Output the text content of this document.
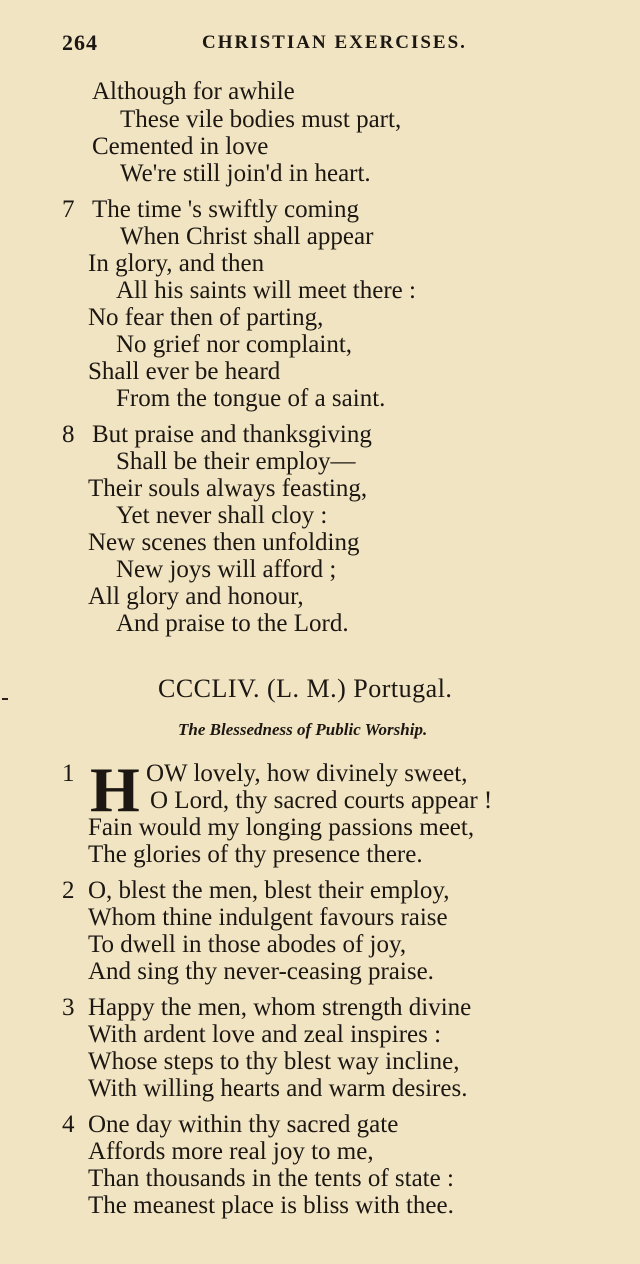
264	CHRISTIAN EXERCISES.
Although for awhile
These vile bodies must part,
Cemented in love
We're still join'd in heart.
7 The time 's swiftly coming
When Christ shall appear
In glory, and then
All his saints will meet there :
No fear then of parting,
No grief nor complaint,
Shall ever be heard
From the tongue of a saint.
8 But praise and thanksgiving
Shall be their employ—
Their souls always feasting,
Yet never shall cloy :
New scenes then unfolding
New joys will afford ;
All glory and honour,
And praise to the Lord.
CCCLIV. (L. M.) Portugal.
The Blessedness of Public Worship.
1 H OW lovely, how divinely sweet,
O Lord, thy sacred courts appear !
Fain would my longing passions meet,
The glories of thy presence there.
2 O, blest the men, blest their employ,
Whom thine indulgent favours raise
To dwell in those abodes of joy,
And sing thy never-ceasing praise.
3 Happy the men, whom strength divine
With ardent love and zeal inspires :
Whose steps to thy blest way incline,
With willing hearts and warm desires.
4 One day within thy sacred gate
Affords more real joy to me,
Than thousands in the tents of state :
The meanest place is bliss with thee.
